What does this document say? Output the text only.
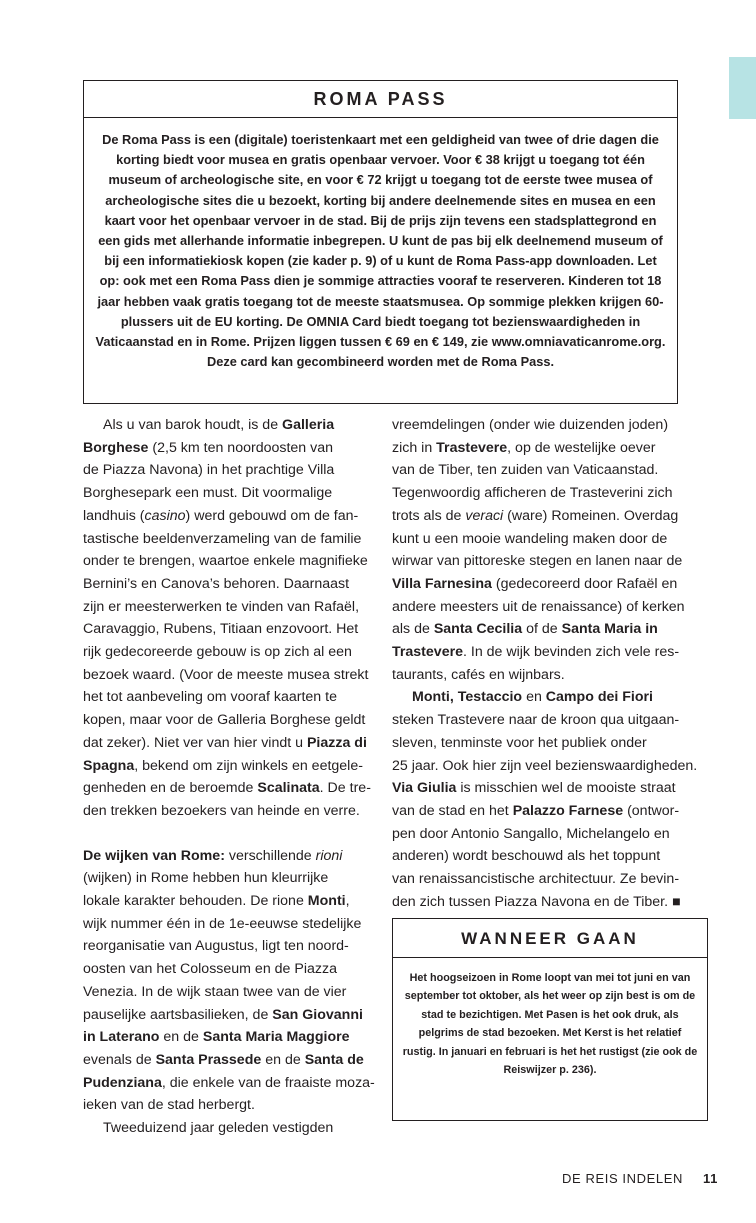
ROMA PASS

De Roma Pass is een (digitale) toeristenkaart met een geldigheid van twee of drie dagen die korting biedt voor musea en gratis openbaar vervoer. Voor € 38 krijgt u toegang tot één museum of archeologische site, en voor € 72 krijgt u toegang tot de eerste twee musea of archeologische sites die u bezoekt, korting bij andere deelnemende sites en musea en een kaart voor het openbaar vervoer in de stad. Bij de prijs zijn tevens een stadsplattegrond en een gids met allerhande informatie inbegrepen. U kunt de pas bij elk deelnemend museum of bij een informatiekiosk kopen (zie kader p. 9) of u kunt de Roma Pass-app downloaden. Let op: ook met een Roma Pass dien je sommige attracties vooraf te reserveren. Kinderen tot 18 jaar hebben vaak gratis toegang tot de meeste staatsmusea. Op sommige plekken krijgen 60-plussers uit de EU korting. De OMNIA Card biedt toegang tot bezienswaardigheden in Vaticaanstad en in Rome. Prijzen liggen tussen € 69 en € 149, zie www.omniavaticanrome.org. Deze card kan gecombineerd worden met de Roma Pass.

Als u van barok houdt, is de Galleria
Borghese (2,5 km ten noordoosten van
de Piazza Navona) in het prachtige Villa
Borghesepark een must. Dit voormalige
landhuis (casino) werd gebouwd om de fan-
tastische beeldenverzameling van de familie
onder te brengen, waartoe enkele magnifieke
Bernini’s en Canova’s behoren. Daarnaast
zijn er meesterwerken te vinden van Rafaël,
Caravaggio, Rubens, Titiaan enzovoort. Het
rijk gedecoreerde gebouw is op zich al een
bezoek waard. (Voor de meeste musea strekt
het tot aanbeveling om vooraf kaarten te
kopen, maar voor de Galleria Borghese geldt
dat zeker). Niet ver van hier vindt u Piazza di
Spagna, bekend om zijn winkels en eetgele-
genheden en de beroemde Scalinata. De tre-
den trekken bezoekers van heinde en verre.

De wijken van Rome: verschillende rioni
(wijken) in Rome hebben hun kleurrijke
lokale karakter behouden. De rione Monti,
wijk nummer één in de 1e-eeuwse stedelijke
reorganisatie van Augustus, ligt ten noord-
oosten van het Colosseum en de Piazza
Venezia. In de wijk staan twee van de vier
pauselijke aartsbasilieken, de San Giovanni
in Laterano en de Santa Maria Maggiore
evenals de Santa Prassede en de Santa de
Pudenziana, die enkele van de fraaiste moza-
ieken van de stad herbergt.
Tweeduizend jaar geleden vestigden

vreemdelingen (onder wie duizenden joden)
zich in Trastevere, op de westelijke oever
van de Tiber, ten zuiden van Vaticaanstad.
Tegenwoordig afficheren de Trasteverini zich
trots als de veraci (ware) Romeinen. Overdag
kunt u een mooie wandeling maken door de
wirwar van pittoreske stegen en lanen naar de
Villa Farnesina (gedecoreerd door Rafaël en
andere meesters uit de renaissance) of kerken
als de Santa Cecilia of de Santa Maria in
Trastevere. In de wijk bevinden zich vele res-
taurants, cafés en wijnbars.

Monti, Testaccio en Campo dei Fiori
steken Trastevere naar de kroon qua uitgaan-
sleven, tenminste voor het publiek onder
25 jaar. Ook hier zijn veel bezienswaardigheden.
Via Giulia is misschien wel de mooiste straat
van de stad en het Palazzo Farnese (ontwor-
pen door Antonio Sangallo, Michelangelo en
anderen) wordt beschouwd als het toppunt
van renaissancistische architectuur. Ze bevin-
den zich tussen Piazza Navona en de Tiber. ■

WANNEER GAAN

Het hoogseizoen in Rome loopt van mei tot juni en van september tot oktober, als het weer op zijn best is om de stad te bezichtigen. Met Pasen is het ook druk, als pelgrims de stad bezoeken. Met Kerst is het relatief rustig. In januari en februari is het het rustigst (zie ook de Reiswijzer p. 236).

DE REIS INDELEN 11
